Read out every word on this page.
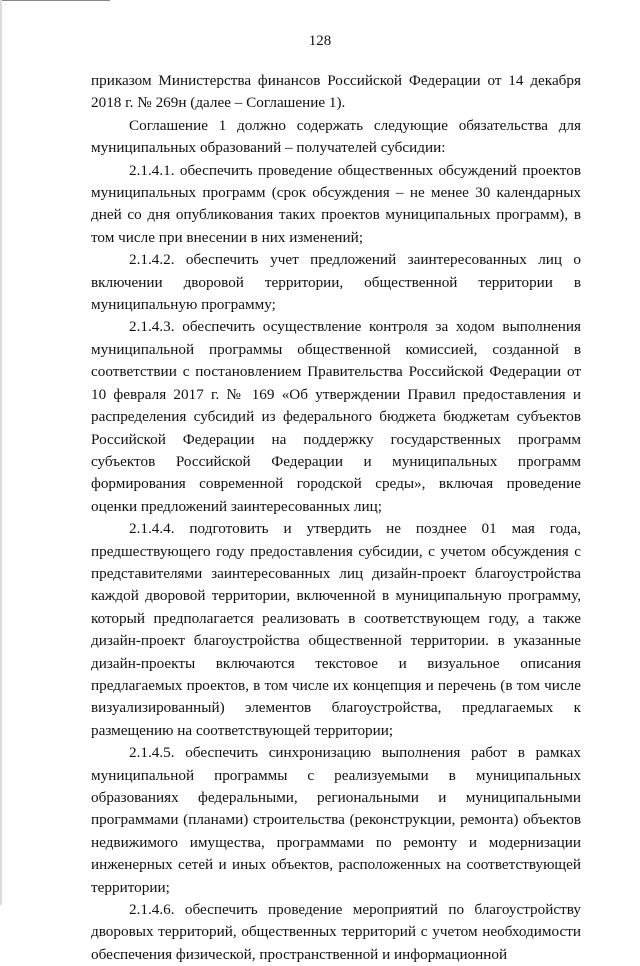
128

приказом Министерства финансов Российской Федерации от 14 декабря 2018 г. № 269н (далее – Соглашение 1).

Соглашение 1 должно содержать следующие обязательства для муниципальных образований – получателей субсидии:

2.1.4.1. обеспечить проведение общественных обсуждений проектов муниципальных программ (срок обсуждения – не менее 30 календарных дней со дня опубликования таких проектов муниципальных программ), в том числе при внесении в них изменений;

2.1.4.2. обеспечить учет предложений заинтересованных лиц о включении дворовой территории, общественной территории в муниципальную программу;

2.1.4.3. обеспечить осуществление контроля за ходом выполнения муниципальной программы общественной комиссией, созданной в соответствии с постановлением Правительства Российской Федерации от 10 февраля 2017 г. № 169 «Об утверждении Правил предоставления и распределения субсидий из федерального бюджета бюджетам субъектов Российской Федерации на поддержку государственных программ субъектов Российской Федерации и муниципальных программ формирования современной городской среды», включая проведение оценки предложений заинтересованных лиц;

2.1.4.4. подготовить и утвердить не позднее 01 мая года, предшествующего году предоставления субсидии, с учетом обсуждения с представителями заинтересованных лиц дизайн-проект благоустройства каждой дворовой территории, включенной в муниципальную программу, который предполагается реализовать в соответствующем году, а также дизайн-проект благоустройства общественной территории. в указанные дизайн-проекты включаются текстовое и визуальное описания предлагаемых проектов, в том числе их концепция и перечень (в том числе визуализированный) элементов благоустройства, предлагаемых к размещению на соответствующей территории;

2.1.4.5. обеспечить синхронизацию выполнения работ в рамках муниципальной программы с реализуемыми в муниципальных образованиях федеральными, региональными и муниципальными программами (планами) строительства (реконструкции, ремонта) объектов недвижимого имущества, программами по ремонту и модернизации инженерных сетей и иных объектов, расположенных на соответствующей территории;

2.1.4.6. обеспечить проведение мероприятий по благоустройству дворовых территорий, общественных территорий с учетом необходимости обеспечения физической, пространственной и информационной
